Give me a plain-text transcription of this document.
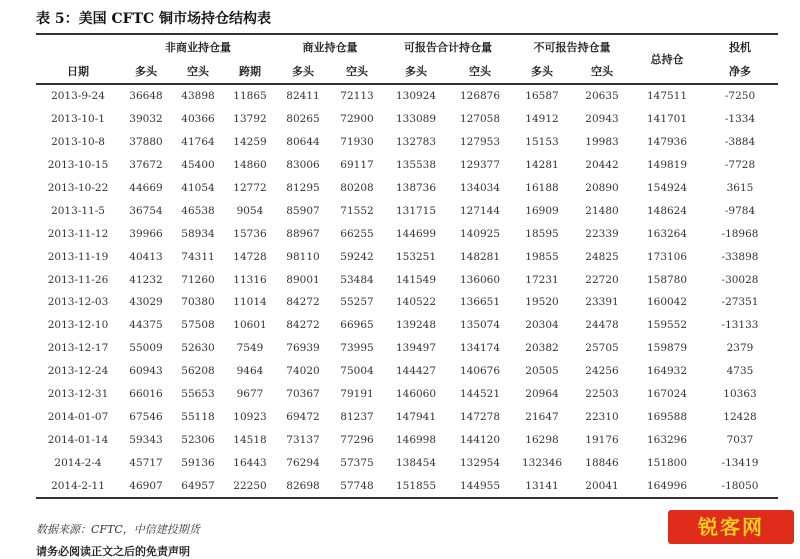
表 5：美国 CFTC 铜市场持仓结构表
	非商业持仓量			商业持仓量		可报告合计持仓量		不可报告持仓量		总持仓	投机
日期	多头	空头	跨期	多头	空头	多头	空头	多头	空头		净多
2013-9-24	36648	43898	11865	82411	72113	130924	126876	16587	20635	147511	-7250
2013-10-1	39032	40366	13792	80265	72900	133089	127058	14912	20943	141701	-1334
2013-10-8	37880	41764	14259	80644	71930	132783	127953	15153	19983	147936	-3884
2013-10-15	37672	45400	14860	83006	69117	135538	129377	14281	20442	149819	-7728
2013-10-22	44669	41054	12772	81295	80208	138736	134034	16188	20890	154924	3615
2013-11-5	36754	46538	9054	85907	71552	131715	127144	16909	21480	148624	-9784
2013-11-12	39966	58934	15736	88967	66255	144699	140925	18595	22339	163264	-18968
2013-11-19	40413	74311	14728	98110	59242	153251	148281	19855	24825	173106	-33898
2013-11-26	41232	71260	11316	89001	53484	141549	136060	17231	22720	158780	-30028
2013-12-03	43029	70380	11014	84272	55257	140522	136651	19520	23391	160042	-27351
2013-12-10	44375	57508	10601	84272	66965	139248	135074	20304	24478	159552	-13133
2013-12-17	55009	52630	7549	76939	73995	139497	134174	20382	25705	159879	2379
2013-12-24	60943	56208	9464	74020	75004	144427	140676	20505	24256	164932	4735
2013-12-31	66016	55653	9677	70367	79191	146060	144521	20964	22503	167024	10363
2014-01-07	67546	55118	10923	69472	81237	147941	147278	21647	22310	169588	12428
2014-01-14	59343	52306	14518	73137	77296	146998	144120	16298	19176	163296	7037
2014-2-4	45717	59136	16443	76294	57375	138454	132954	132346	18846	151800	-13419
2014-2-11	46907	64957	22250	82698	57748	151855	144955	13141	20041	164996	-18050
数据来源：CFTC，中信建投期货
请务必阅读正文之后的免责声明
锐客网
